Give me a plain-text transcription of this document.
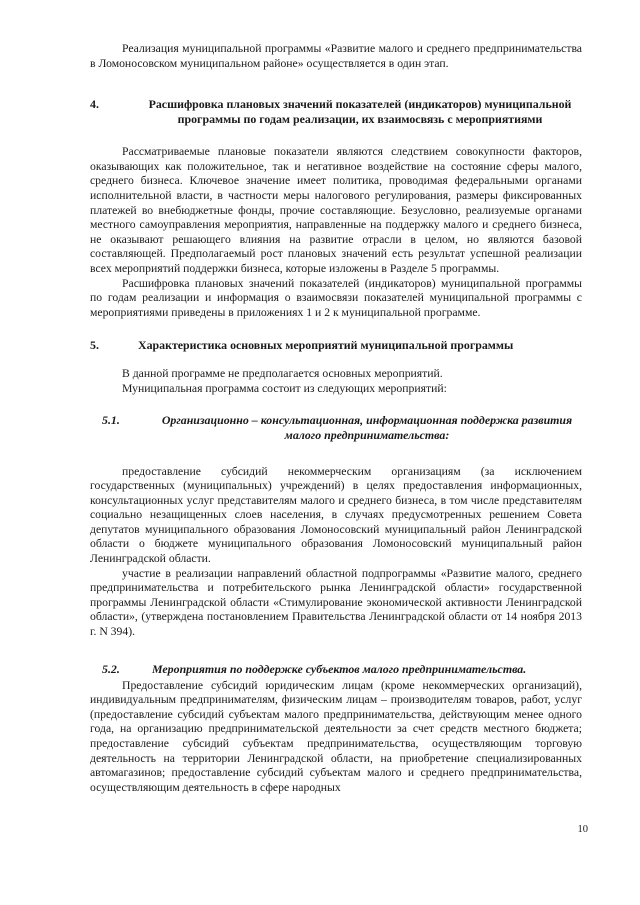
Реализация муниципальной программы «Развитие малого и среднего предпринимательства в Ломоносовском муниципальном районе» осуществляется в один этап.

4.	Расшифровка плановых значений показателей (индикаторов) муниципальной программы по годам реализации, их взаимосвязь с мероприятиями

Рассматриваемые плановые показатели являются следствием совокупности факторов, оказывающих как положительное, так и негативное воздействие на состояние сферы малого, среднего бизнеса. Ключевое значение имеет политика, проводимая федеральными органами исполнительной власти, в частности меры налогового регулирования, размеры фиксированных платежей во внебюджетные фонды, прочие составляющие. Безусловно, реализуемые органами местного самоуправления мероприятия, направленные на поддержку малого и среднего бизнеса, не оказывают решающего влияния на развитие отрасли в целом, но являются базовой составляющей. Предполагаемый рост плановых значений есть результат успешной реализации всех мероприятий поддержки бизнеса, которые изложены в Разделе 5 программы.

Расшифровка плановых значений показателей (индикаторов) муниципальной программы по годам реализации и информация о взаимосвязи показателей муниципальной программы с мероприятиями приведены в приложениях 1 и 2 к муниципальной программе.

5.	Характеристика основных мероприятий муниципальной программы

В данной программе не предполагается основных мероприятий.

Муниципальная программа состоит из следующих мероприятий:

5.1.	Организационно – консультационная, информационная поддержка развития малого предпринимательства:

предоставление субсидий некоммерческим организациям (за исключением государственных (муниципальных) учреждений) в целях предоставления информационных, консультационных услуг представителям малого и среднего бизнеса, в том числе представителям социально незащищенных слоев населения, в случаях предусмотренных решением Совета депутатов муниципального образования Ломоносовский муниципальный район Ленинградской области о бюджете муниципального образования Ломоносовский муниципальный район Ленинградской области.

участие в реализации направлений областной подпрограммы «Развитие малого, среднего предпринимательства и потребительского рынка Ленинградской области» государственной программы Ленинградской области «Стимулирование экономической активности Ленинградской области», (утверждена постановлением Правительства Ленинградской области от 14 ноября 2013 г. N 394).

5.2.	Мероприятия по поддержке субъектов малого предпринимательства.

Предоставление субсидий юридическим лицам (кроме некоммерческих организаций), индивидуальным предпринимателям, физическим лицам – производителям товаров, работ, услуг (предоставление субсидий субъектам малого предпринимательства, действующим менее одного года, на организацию предпринимательской деятельности за счет средств местного бюджета; предоставление субсидий субъектам предпринимательства, осуществляющим торговую деятельность на территории Ленинградской области, на приобретение специализированных автомагазинов; предоставление субсидий субъектам малого и среднего предпринимательства, осуществляющим деятельность в сфере народных

10
